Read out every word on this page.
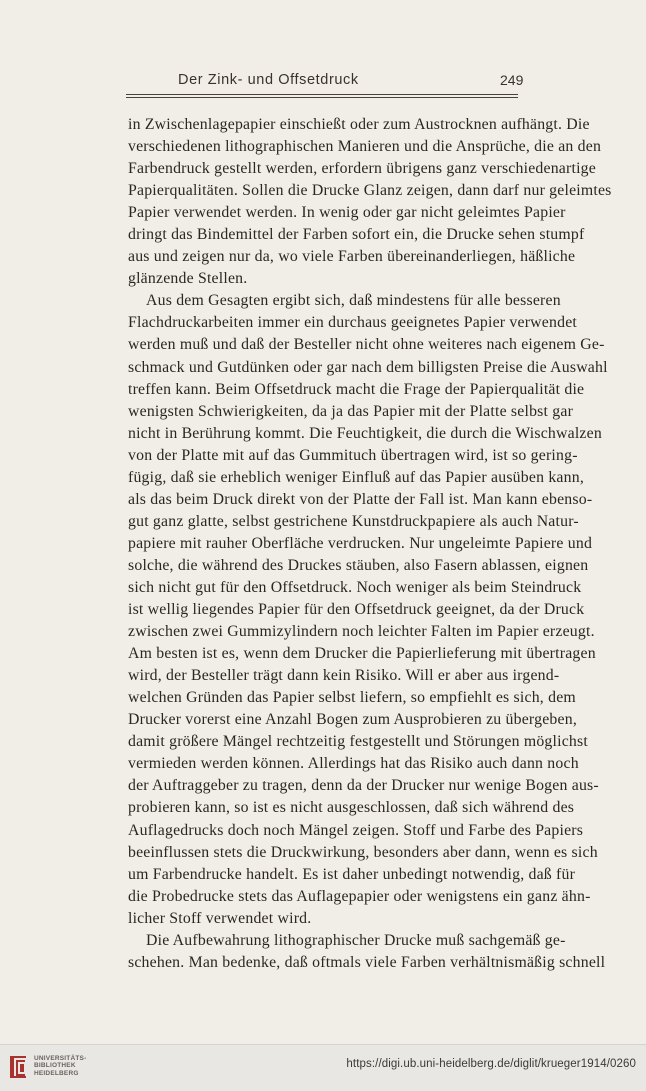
Der Zink- und Offsetdruck	249
in Zwischenlagepapier einschießt oder zum Austrocknen aufhängt. Die
verschiedenen lithographischen Manieren und die Ansprüche, die an den
Farbendruck gestellt werden, erfordern übrigens ganz verschiedenartige
Papierqualitäten. Sollen die Drucke Glanz zeigen, dann darf nur geleimtes
Papier verwendet werden. In wenig oder gar nicht geleimtes Papier
dringt das Bindemittel der Farben sofort ein, die Drucke sehen stumpf
aus und zeigen nur da, wo viele Farben übereinanderliegen, häßliche
glänzende Stellen.
Aus dem Gesagten ergibt sich, daß mindestens für alle besseren
Flachdruckarbeiten immer ein durchaus geeignetes Papier verwendet
werden muß und daß der Besteller nicht ohne weiteres nach eigenem Ge-
schmack und Gutdünken oder gar nach dem billigsten Preise die Auswahl
treffen kann. Beim Offsetdruck macht die Frage der Papierqualität die
wenigsten Schwierigkeiten, da ja das Papier mit der Platte selbst gar
nicht in Berührung kommt. Die Feuchtigkeit, die durch die Wischwalzen
von der Platte mit auf das Gummituch übertragen wird, ist so gering-
fügig, daß sie erheblich weniger Einfluß auf das Papier ausüben kann,
als das beim Druck direkt von der Platte der Fall ist. Man kann ebenso-
gut ganz glatte, selbst gestrichene Kunstdruckpapiere als auch Natur-
papiere mit rauher Oberfläche verdrucken. Nur ungeleimte Papiere und
solche, die während des Druckes stäuben, also Fasern ablassen, eignen
sich nicht gut für den Offsetdruck. Noch weniger als beim Steindruck
ist wellig liegendes Papier für den Offsetdruck geeignet, da der Druck
zwischen zwei Gummizylindern noch leichter Falten im Papier erzeugt.
Am besten ist es, wenn dem Drucker die Papierlieferung mit übertragen
wird, der Besteller trägt dann kein Risiko. Will er aber aus irgend-
welchen Gründen das Papier selbst liefern, so empfiehlt es sich, dem
Drucker vorerst eine Anzahl Bogen zum Ausprobieren zu übergeben,
damit größere Mängel rechtzeitig festgestellt und Störungen möglichst
vermieden werden können. Allerdings hat das Risiko auch dann noch
der Auftraggeber zu tragen, denn da der Drucker nur wenige Bogen aus-
probieren kann, so ist es nicht ausgeschlossen, daß sich während des
Auflagedrucks doch noch Mängel zeigen. Stoff und Farbe des Papiers
beeinflussen stets die Druckwirkung, besonders aber dann, wenn es sich
um Farbendrucke handelt. Es ist daher unbedingt notwendig, daß für
die Probedrucke stets das Auflagepapier oder wenigstens ein ganz ähn-
licher Stoff verwendet wird.
Die Aufbewahrung lithographischer Drucke muß sachgemäß ge-
schehen. Man bedenke, daß oftmals viele Farben verhältnismäßig schnell
UNIVERSITÄTS-
BIBLIOTHEK
HEIDELBERG
https://digi.ub.uni-heidelberg.de/diglit/krueger1914/0260
